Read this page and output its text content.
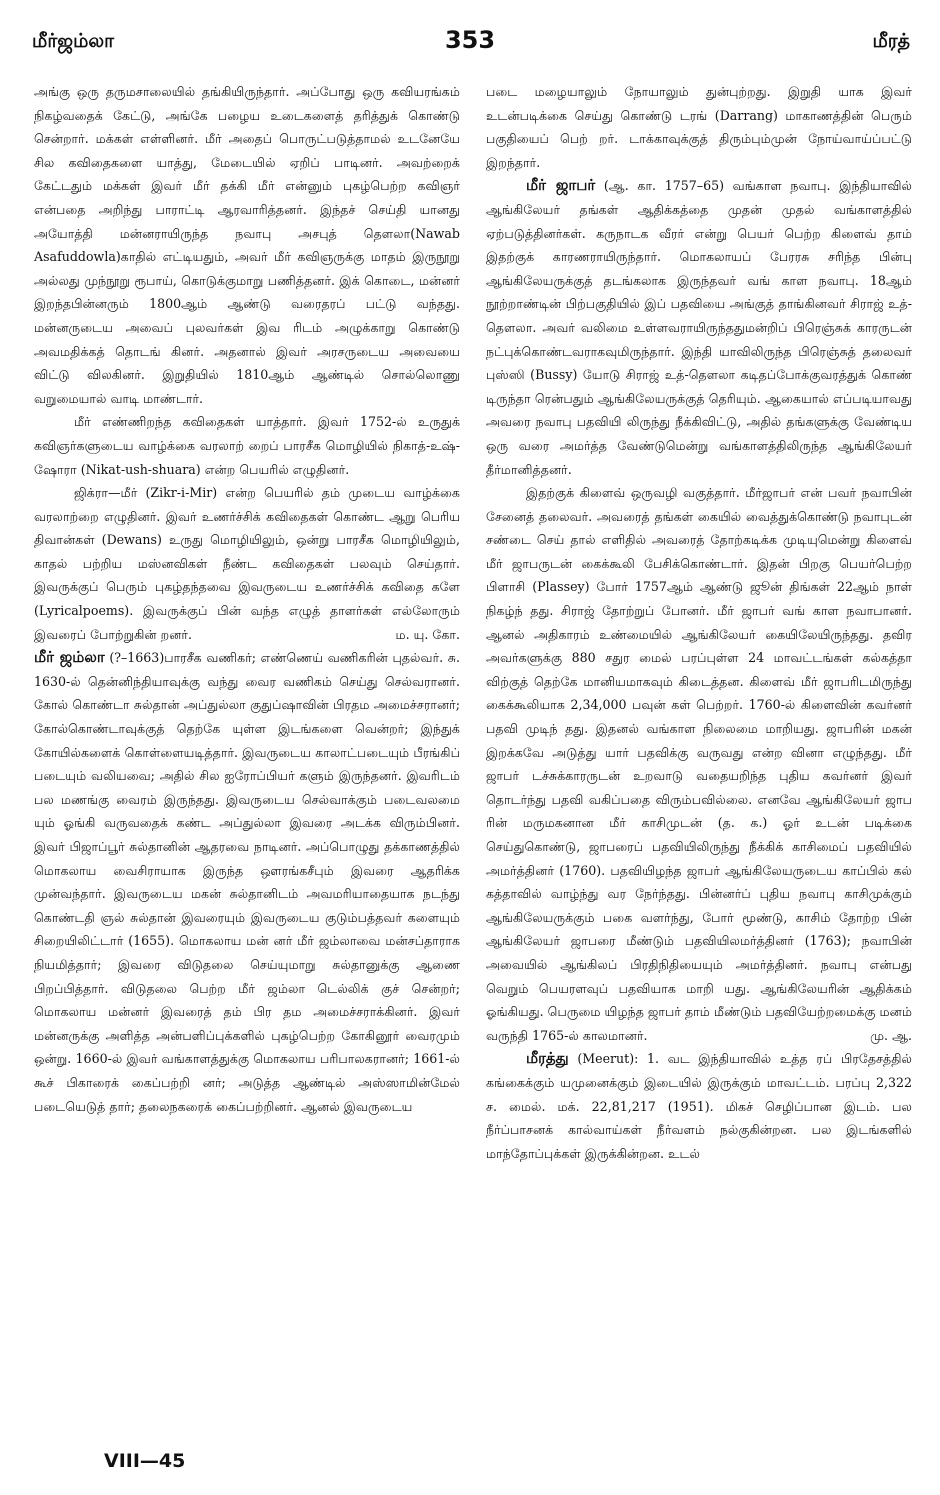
மீர்ஜம்லா	353	மீரத்

அங்கு ஒரு தருமசாலையில் தங்கியிருந்தார். அப்போது ஒரு கவியரங்கம் நிகழ்வதைக் கேட்டு, அங்கே பழைய உடைகளைத் தரித்துக் கொண்டு சென்றார். மக்கள் எள்ளினர். மீர் அதைப் பொருட்படுத்தாமல் உடனேயே சில கவிதைகளை யாத்து, மேடையில் ஏறிப் பாடினர். அவற்றைக் கேட்டதும் மக்கள் இவர் மீர் தக்கி மீர் என்னும் புகழ்பெற்ற கவிஞர் என்பதை அறிந்து பாராட்டி ஆரவாரித்தனர். இந்தச் செய்தி யானது அயோத்தி மன்னராயிருந்த நவாபு அசபுத் தௌலா(Nawab Asafuddowla)காதில் எட்டியதும், அவர் மீர் கவிஞருக்கு மாதம் இருநூறு அல்லது முந்நூறு ரூபாய், கொடுக்குமாறு பணித்தனர். இக் கொடை, மன்னர் இறந்தபின்னரும் 1800ஆம் ஆண்டு வரைதரப் பட்டு வந்தது. மன்னருடைய அவைப் புலவர்கள் இவ ரிடம் அழுக்காறு கொண்டு அவமதிக்கத் தொடங் கினர். அதனால் இவர் அரசருடைய அவையை விட்டு விலகினர். இறுதியில் 1810ஆம் ஆண்டில் சொல்லொணு வறுமையால் வாடி மாண்டார்.

மீர் எண்ணிறந்த கவிதைகள் யாத்தார். இவர் 1752-ல் உருதுக் கவிஞர்களுடைய வாழ்க்கை வரலாற் றைப் பாரசீக மொழியில் நிகாத்-உஷ்-ஷோரா (Nikat-ush-shuara) என்ற பெயரில் எழுதினர்.

ஜிக்ரா—மீர் (Zikr-i-Mir) என்ற பெயரில் தம் முடைய வாழ்க்கை வரலாற்றை எழுதினர். இவர் உணர்ச்சிக் கவிதைகள் கொண்ட ஆறு பெரிய திவான்கள் (Dewans) உருது மொழியிலும், ஒன்று பாரசீக மொழியிலும், காதல் பற்றிய மஸ்னவிகள் நீண்ட கவிதைகள் பலவும் செய்தார். இவருக்குப் பெரும் புகழ்தந்தவை இவருடைய உணர்ச்சிக் கவிதை களே (Lyricalpoems). இவருக்குப் பின் வந்த எழுத் தாளர்கள் எல்லோரும் இவரைப் போற்றுகின் றனர்.	ம. யு. கோ.

மீர் ஜம்லா (?–1663)பாரசீக வணிகர்; எண்ணெய் வணிகரின் புதல்வர். சு. 1630-ல் தென்னிந்தியாவுக்கு வந்து வைர வணிகம் செய்து செல்வரானர். கோல் கொண்டா சுல்தான் அப்துல்லா குதுப்ஷாவின் பிரதம அமைச்சரானர்; கோல்கொண்டாவுக்குத் தெற்கே யுள்ள இடங்களை வென்றர்; இந்துக் கோயில்களைக் கொள்ளையடித்தார். இவருடைய காலாட்படையும் பீரங்கிப் படையும் வலியவை; அதில் சில ஐரோப்பியர் களும் இருந்தனர். இவரிடம் பல மணங்கு வைரம் இருந்தது. இவருடைய செல்வாக்கும் படைவலமை யும் ஓங்கி வருவதைக் கண்ட அப்துல்லா இவரை அடக்க விரும்பினர். இவர் பிஜாப்பூர் சுல்தானின் ஆதரவை நாடினர். அப்பொழுது தக்காணத்தில் மொகலாய வைசிராயாக இருந்த ஔரங்கசீபும் இவரை ஆதரிக்க முன்வந்தார். இவருடைய மகன் சுல்தானிடம் அவமரியாதையாக நடந்து கொண்டதி ஞல் சுல்தான் இவரையும் இவருடைய குடும்பத்தவர் களையும் சிறையிலிட்டார் (1655). மொகலாய மன் னர் மீர் ஜம்லாவை மன்சப்தாராக நியமித்தார்; இவரை விடுதலை செய்யுமாறு சுல்தானுக்கு ஆணை பிறப்பித்தார். விடுதலை பெற்ற மீர் ஜம்லா டெல்லிக் குச் சென்றர்; மொகலாய மன்னர் இவரைத் தம் பிர தம அமைச்சராக்கினர். இவர் மன்னருக்கு அளித்த அன்பளிப்புக்களில் புகழ்பெற்ற கோகினூர் வைரமும் ஒன்று. 1660-ல் இவர் வங்காளத்துக்கு மொகலாய பரிபாலகரானர்; 1661-ல் கூச் பிகாரைக் கைப்பற்றி னர்; அடுத்த ஆண்டில் அஸ்ஸாமின்மேல் படையெடுத் தார்; தலைநகரைக் கைப்பற்றினர். ஆனல் இவருடைய

படை மழையாலும் நோயாலும் துன்புற்றது. இறுதி யாக இவர் உடன்படிக்கை செய்து கொண்டு டரங் (Darrang) மாகாணத்தின் பெரும் பகுதியைப் பெற் றர். டாக்காவுக்குத் திரும்பும்முன் நோய்வாய்ப்பட்டு இறந்தார்.

மீர் ஜாபர் (ஆ. கா. 1757–65) வங்காள நவாபு. இந்தியாவில் ஆங்கிலேயர் தங்கள் ஆதிக்கத்தை முதன் முதல் வங்காளத்தில் ஏற்படுத்தினர்கள். கருநாடக வீரர் என்று பெயர் பெற்ற கிளைவ் தாம் இதற்குக் காரணராயிருந்தார். மொகலாயப் பேரரசு சரிந்த பின்பு ஆங்கிலேயருக்குத் தடங்கலாக இருந்தவர் வங் காள நவாபு. 18ஆம் நூற்றாண்டின் பிற்பகுதியில் இப் பதவியை அங்குத் தாங்கினவர் சிராஜ் உத்-தௌலா. அவர் வலிமை உள்ளவராயிருந்ததுமன்றிப் பிரெஞ்சுக் காரருடன் நட்புக்கொண்டவராகவுமிருந்தார். இந்தி யாவிலிருந்த பிரெஞ்சுத் தலைவர் புஸ்ஸி (Bussy) யோடு சிராஜ் உத்-தௌலா கடிதப்போக்குவரத்துக் கொண் டிருந்தா ரென்பதும் ஆங்கிலேயருக்குத் தெரியும். ஆகையால் எப்படியாவது அவரை நவாபு பதவியி லிருந்து நீக்கிவிட்டு, அதில் தங்களுக்கு வேண்டிய ஒரு வரை அமர்த்த வேண்டுமென்று வங்காளத்திலிருந்த ஆங்கிலேயர் தீர்மானித்தனர்.

இதற்குக் கிளைவ் ஒருவழி வகுத்தார். மீர்ஜாபர் என் பவர் நவாபின் சேனைத் தலைவர். அவரைத் தங்கள் கையில் வைத்துக்கொண்டு நவாபுடன் சண்டை செய் தால் எளிதில் அவரைத் தோற்கடிக்க முடியுமென்று கிளைவ் மீர் ஜாபருடன் கைக்கூலி பேசிக்கொண்டார். இதன் பிறகு பெயர்பெற்ற பிளாசி (Plassey) போர் 1757ஆம் ஆண்டு ஜூன் திங்கள் 22ஆம் நாள் நிகழ்ந் தது. சிராஜ் தோற்றுப் போனர். மீர் ஜாபர் வங் காள நவாபானர். ஆனல் அதிகாரம் உண்மையில் ஆங்கிலேயர் கையிலேயிருந்தது. தவிர அவர்களுக்கு 880 சதுர மைல் பரப்புள்ள 24 மாவட்டங்கள் கல்கத்தா விற்குத் தெற்கே மானியமாகவும் கிடைத்தன. கிளைவ் மீர் ஜாபரிடமிருந்து கைக்கூலியாக 2,34,000 பவுன் கள் பெற்றர். 1760-ல் கிளைவின் கவர்னர் பதவி முடிந் தது. இதனல் வங்காள நிலைமை மாறியது. ஜாபரின் மகன் இறக்கவே அடுத்து யார் பதவிக்கு வருவது என்ற வினா எழுந்தது. மீர் ஜாபர் டச்சுக்காரருடன் உறவாடு வதையறிந்த புதிய கவர்னர் இவர் தொடர்ந்து பதவி வகிப்பதை விரும்பவில்லை. எனவே ஆங்கிலேயர் ஜாப ரின் மருமகனான மீர் காசிமுடன் (த. க.) ஓர் உடன் படிக்கை செய்துகொண்டு, ஜாபரைப் பதவியிலிருந்து நீக்கிக் காசிமைப் பதவியில் அமர்த்தினர் (1760). பதவியிழந்த ஜாபர் ஆங்கிலேயருடைய காப்பில் கல் கத்தாவில் வாழ்ந்து வர நேர்ந்தது. பின்னர்ப் புதிய நவாபு காசிமுக்கும் ஆங்கிலேயருக்கும் பகை வளர்ந்து, போர் மூண்டு, காசிம் தோற்ற பின் ஆங்கிலேயர் ஜாபரை மீண்டும் பதவியிலமர்த்தினர் (1763); நவாபின் அவையில் ஆங்கிலப் பிரதிநிதியையும் அமர்த்தினர். நவாபு என்பது வெறும் பெயரளவுப் பதவியாக மாறி யது. ஆங்கிலேயரின் ஆதிக்கம் ஓங்கியது. பெருமை யிழந்த ஜாபர் தாம் மீண்டும் பதவியேற்றமைக்கு மனம் வருந்தி 1765-ல் காலமானர்.	மு. ஆ.

மீரத்து (Meerut): 1. வட இந்தியாவில் உத்த ரப் பிரதேசத்தில் கங்கைக்கும் யமுனைக்கும் இடையில் இருக்கும் மாவட்டம். பரப்பு 2,322 ச. மைல். மக். 22,81,217 (1951). மிகச் செழிப்பான இடம். பல நீர்ப்பாசனக் கால்வாய்கள் நீர்வளம் நல்குகின்றன. பல இடங்களில் மாந்தோப்புக்கள் இருக்கின்றன. உடல்

VIII—45
